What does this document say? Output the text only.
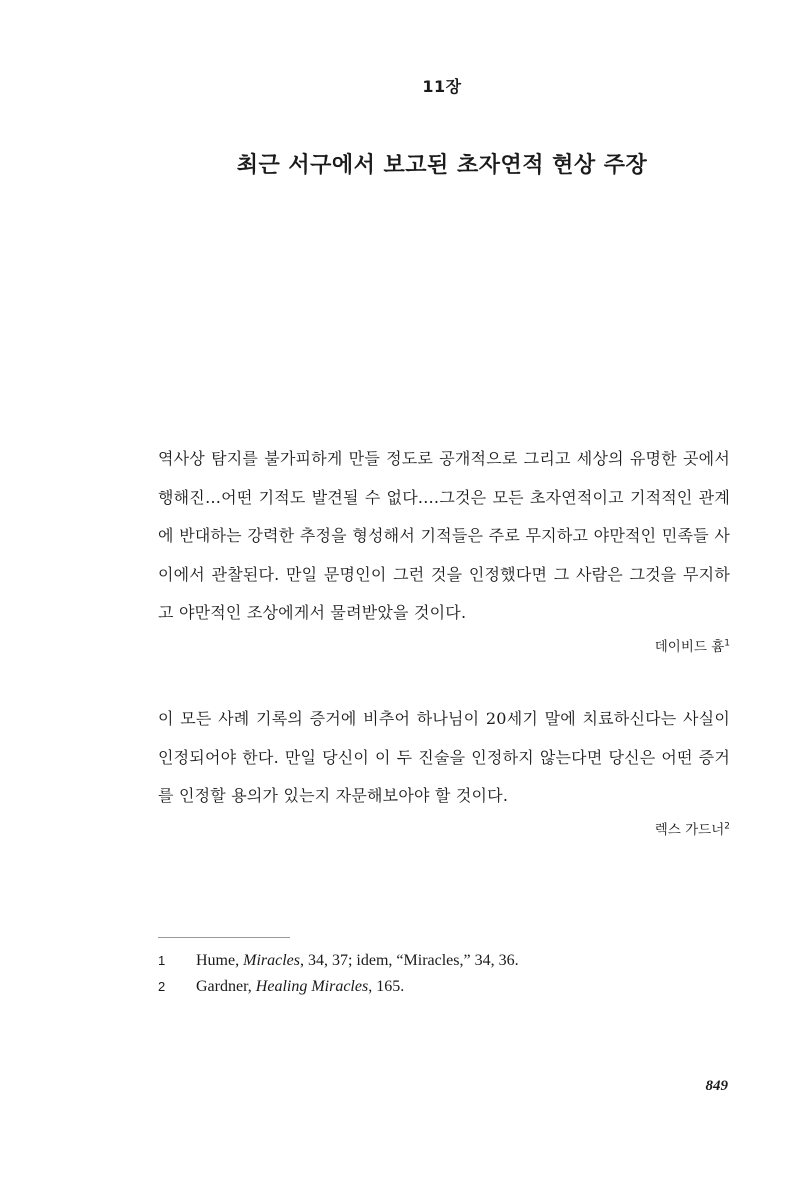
11장
최근 서구에서 보고된 초자연적 현상 주장

역사상 탐지를 불가피하게 만들 정도로 공개적으로 그리고 세상의 유명한 곳에서 행해진…어떤 기적도 발견될 수 없다.…그것은 모든 초자연적이고 기적적인 관계에 반대하는 강력한 추정을 형성해서 기적들은 주로 무지하고 야만적인 민족들 사이에서 관찰된다. 만일 문명인이 그런 것을 인정했다면 그 사람은 그것을 무지하고 야만적인 조상에게서 물려받았을 것이다.

데이비드 흄$^1$

이 모든 사례 기록의 증거에 비추어 하나님이 20세기 말에 치료하신다는 사실이 인정되어야 한다. 만일 당신이 이 두 진술을 인정하지 않는다면 당신은 어떤 증거를 인정할 용의가 있는지 자문해보아야 할 것이다.

렉스 가드너$^2$
1	Hume, Miracles, 34, 37; idem, “Miracles,” 34, 36.
2	Gardner, Healing Miracles, 165.
849
